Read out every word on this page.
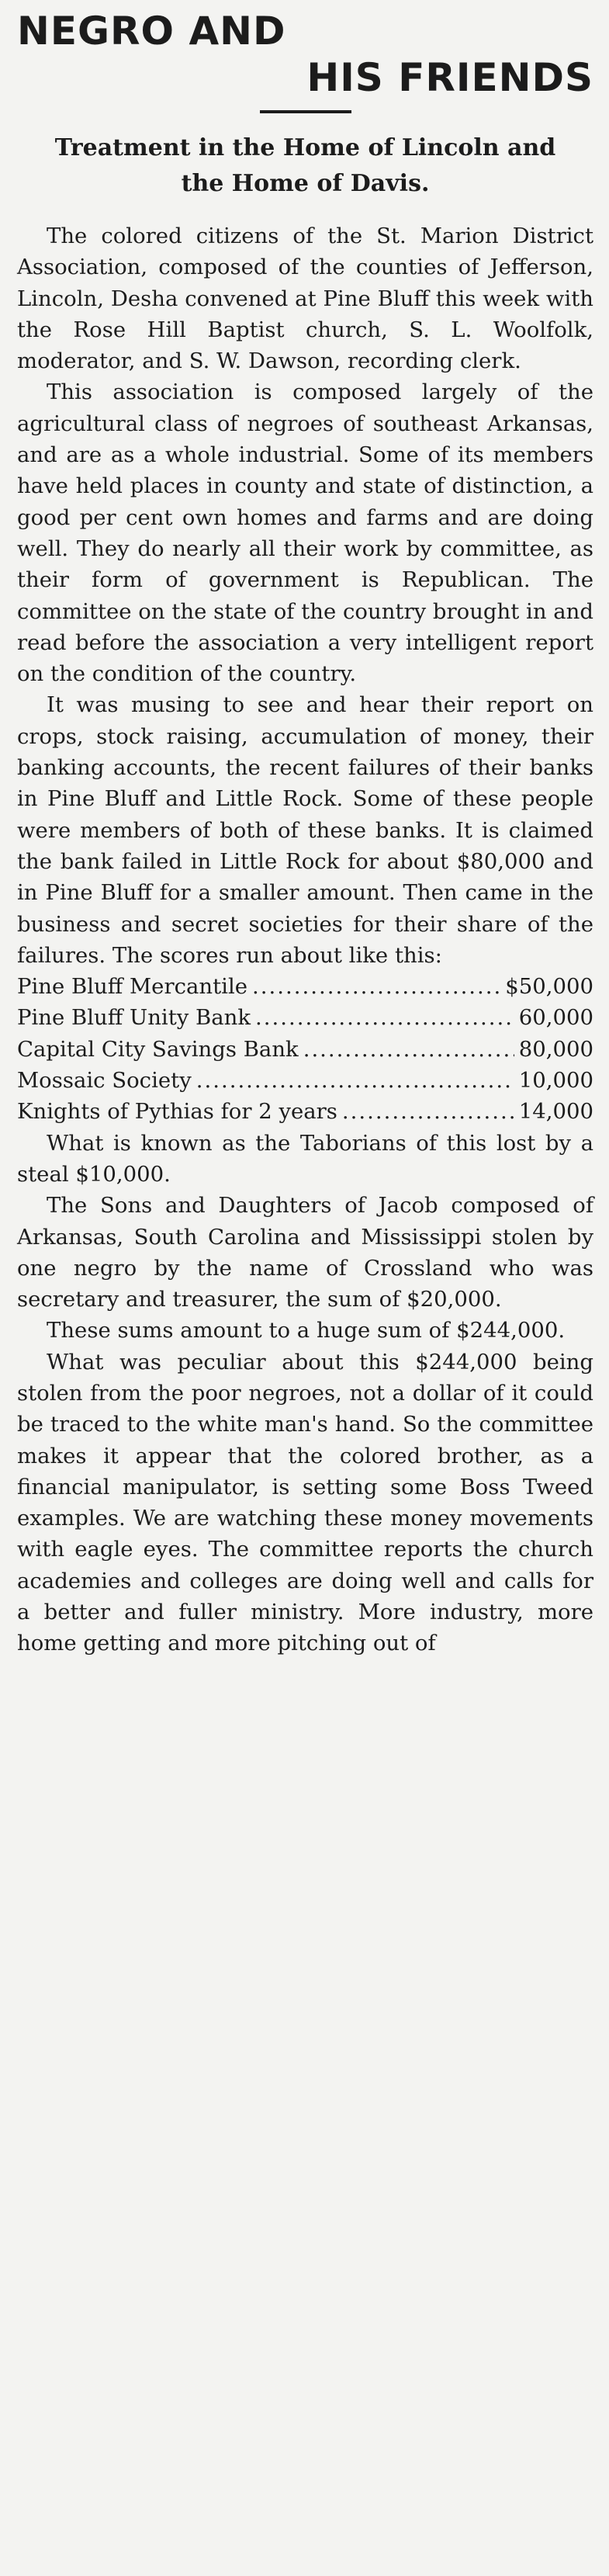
NEGRO AND
HIS FRIENDS
Treatment in the Home of Lincoln and
the Home of Davis.

The colored citizens of the St. Marion District Association, composed of the counties of Jefferson, Lincoln, Desha convened at Pine Bluff this week with the Rose Hill Baptist church, S. L. Woolfolk, moderator, and S. W. Dawson, recording clerk.

This association is composed largely of the agricultural class of negroes of southeast Arkansas, and are as a whole industrial. Some of its members have held places in county and state of distinction, a good per cent own homes and farms and are doing well. They do nearly all their work by committee, as their form of government is Republican. The committee on the state of the country brought in and read before the association a very intelligent report on the condition of the country.

It was musing to see and hear their report on crops, stock raising, accumulation of money, their banking accounts, the recent failures of their banks in Pine Bluff and Little Rock. Some of these people were members of both of these banks. It is claimed the bank failed in Little Rock for about $80,000 and in Pine Bluff for a smaller amount. Then came in the business and secret societies for their share of the failures. The scores run about like this:

Pine Bluff Mercantile .....	$50,000
Pine Bluff Unity Bank .....	60,000
Capital City Savings Bank .....	80,000
Mossaic Society .....	10,000
Knights of Pythias for 2 years .....	14,000

What is known as the Taborians of this lost by a steal $10,000.

The Sons and Daughters of Jacob composed of Arkansas, South Carolina and Mississippi stolen by one negro by the name of Crossland who was secretary and treasurer, the sum of $20,000.

These sums amount to a huge sum of $244,000.

What was peculiar about this $244,000 being stolen from the poor negroes, not a dollar of it could be traced to the white man's hand. So the committee makes it appear that the colored brother, as a financial manipulator, is setting some Boss Tweed examples. We are watching these money movements with eagle eyes. The committee reports the church academies and colleges are doing well and calls for a better and fuller ministry. More industry, more home getting and more pitching out of
